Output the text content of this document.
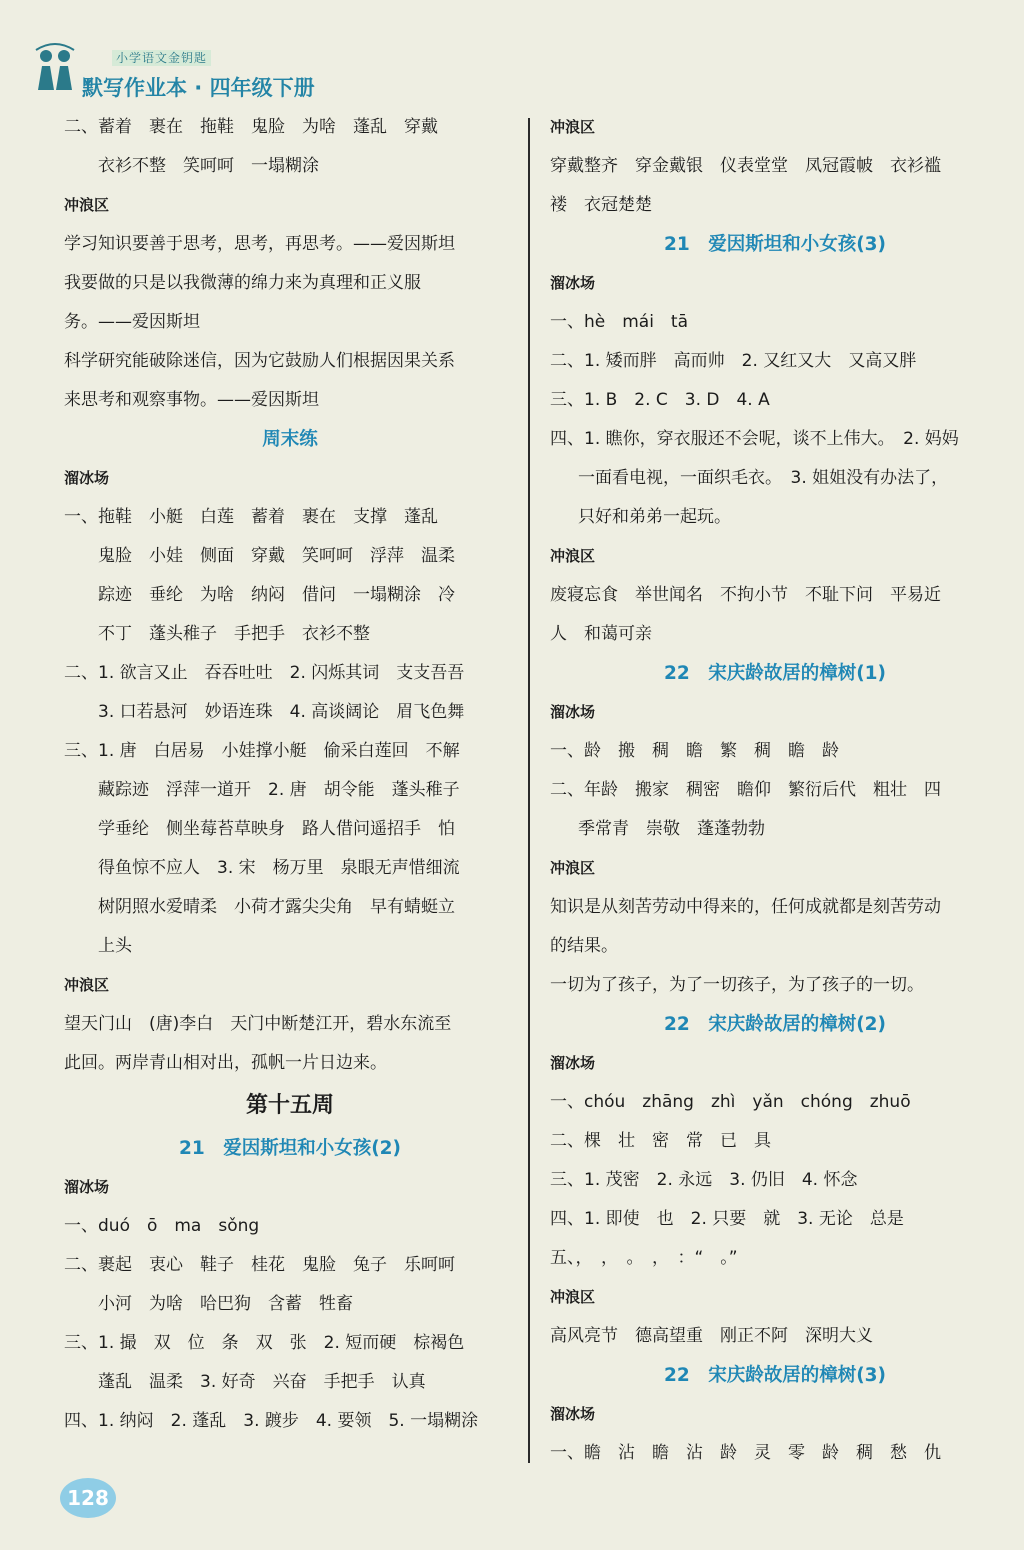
小学语文金钥匙
默写作业本 · 四年级下册
二、蓄着　裹在　拖鞋　鬼脸　为啥　蓬乱　穿戴
衣衫不整　笑呵呵　一塌糊涂
冲浪区
学习知识要善于思考，思考，再思考。——爱因斯坦
我要做的只是以我微薄的绵力来为真理和正义服
务。——爱因斯坦
科学研究能破除迷信，因为它鼓励人们根据因果关系
来思考和观察事物。——爱因斯坦
周末练
溜冰场
一、拖鞋　小艇　白莲　蓄着　裹在　支撑　蓬乱
鬼脸　小娃　侧面　穿戴　笑呵呵　浮萍　温柔
踪迹　垂纶　为啥　纳闷　借问　一塌糊涂　冷
不丁　蓬头稚子　手把手　衣衫不整
二、1. 欲言又止　吞吞吐吐　2. 闪烁其词　支支吾吾
3. 口若悬河　妙语连珠　4. 高谈阔论　眉飞色舞
三、1. 唐　白居易　小娃撑小艇　偷采白莲回　不解
藏踪迹　浮萍一道开　2. 唐　胡令能　蓬头稚子
学垂纶　侧坐莓苔草映身　路人借问遥招手　怕
得鱼惊不应人　3. 宋　杨万里　泉眼无声惜细流
树阴照水爱晴柔　小荷才露尖尖角　早有蜻蜓立
上头
冲浪区
望天门山　(唐)李白　天门中断楚江开，碧水东流至
此回。两岸青山相对出，孤帆一片日边来。
第十五周
21　爱因斯坦和小女孩(2)
溜冰场
一、duó　ō　ma　sǒng
二、裹起　衷心　鞋子　桂花　鬼脸　兔子　乐呵呵
小河　为啥　哈巴狗　含蓄　牲畜
三、1. 撮　双　位　条　双　张　2. 短而硬　棕褐色
蓬乱　温柔　3. 好奇　兴奋　手把手　认真
四、1. 纳闷　2. 蓬乱　3. 踱步　4. 要领　5. 一塌糊涂
冲浪区
穿戴整齐　穿金戴银　仪表堂堂　凤冠霞帔　衣衫褴
褛　衣冠楚楚
21　爱因斯坦和小女孩(3)
溜冰场
一、hè　mái　tā
二、1. 矮而胖　高而帅　2. 又红又大　又高又胖
三、1. B　2. C　3. D　4. A
四、1. 瞧你，穿衣服还不会呢，谈不上伟大。　2. 妈妈
一面看电视，一面织毛衣。　3. 姐姐没有办法了，
只好和弟弟一起玩。
冲浪区
废寝忘食　举世闻名　不拘小节　不耻下问　平易近
人　和蔼可亲
22　宋庆龄故居的樟树(1)
溜冰场
一、龄　搬　稠　瞻　繁　稠　瞻　龄
二、年龄　搬家　稠密　瞻仰　繁衍后代　粗壮　四
季常青　崇敬　蓬蓬勃勃
冲浪区
知识是从刻苦劳动中得来的，任何成就都是刻苦劳动
的结果。
一切为了孩子，为了一切孩子，为了孩子的一切。
22　宋庆龄故居的樟树(2)
溜冰场
一、chóu　zhāng　zhì　yǎn　chóng　zhuō
二、棵　壮　密　常　已　具
三、1. 茂密　2. 永远　3. 仍旧　4. 怀念
四、1. 即使　也　2. 只要　就　3. 无论　总是
五、，　，　。　，　：“　。”
冲浪区
高风亮节　德高望重　刚正不阿　深明大义
22　宋庆龄故居的樟树(3)
溜冰场
一、瞻　沾　瞻　沾　龄　灵　零　龄　稠　愁　仇
128
